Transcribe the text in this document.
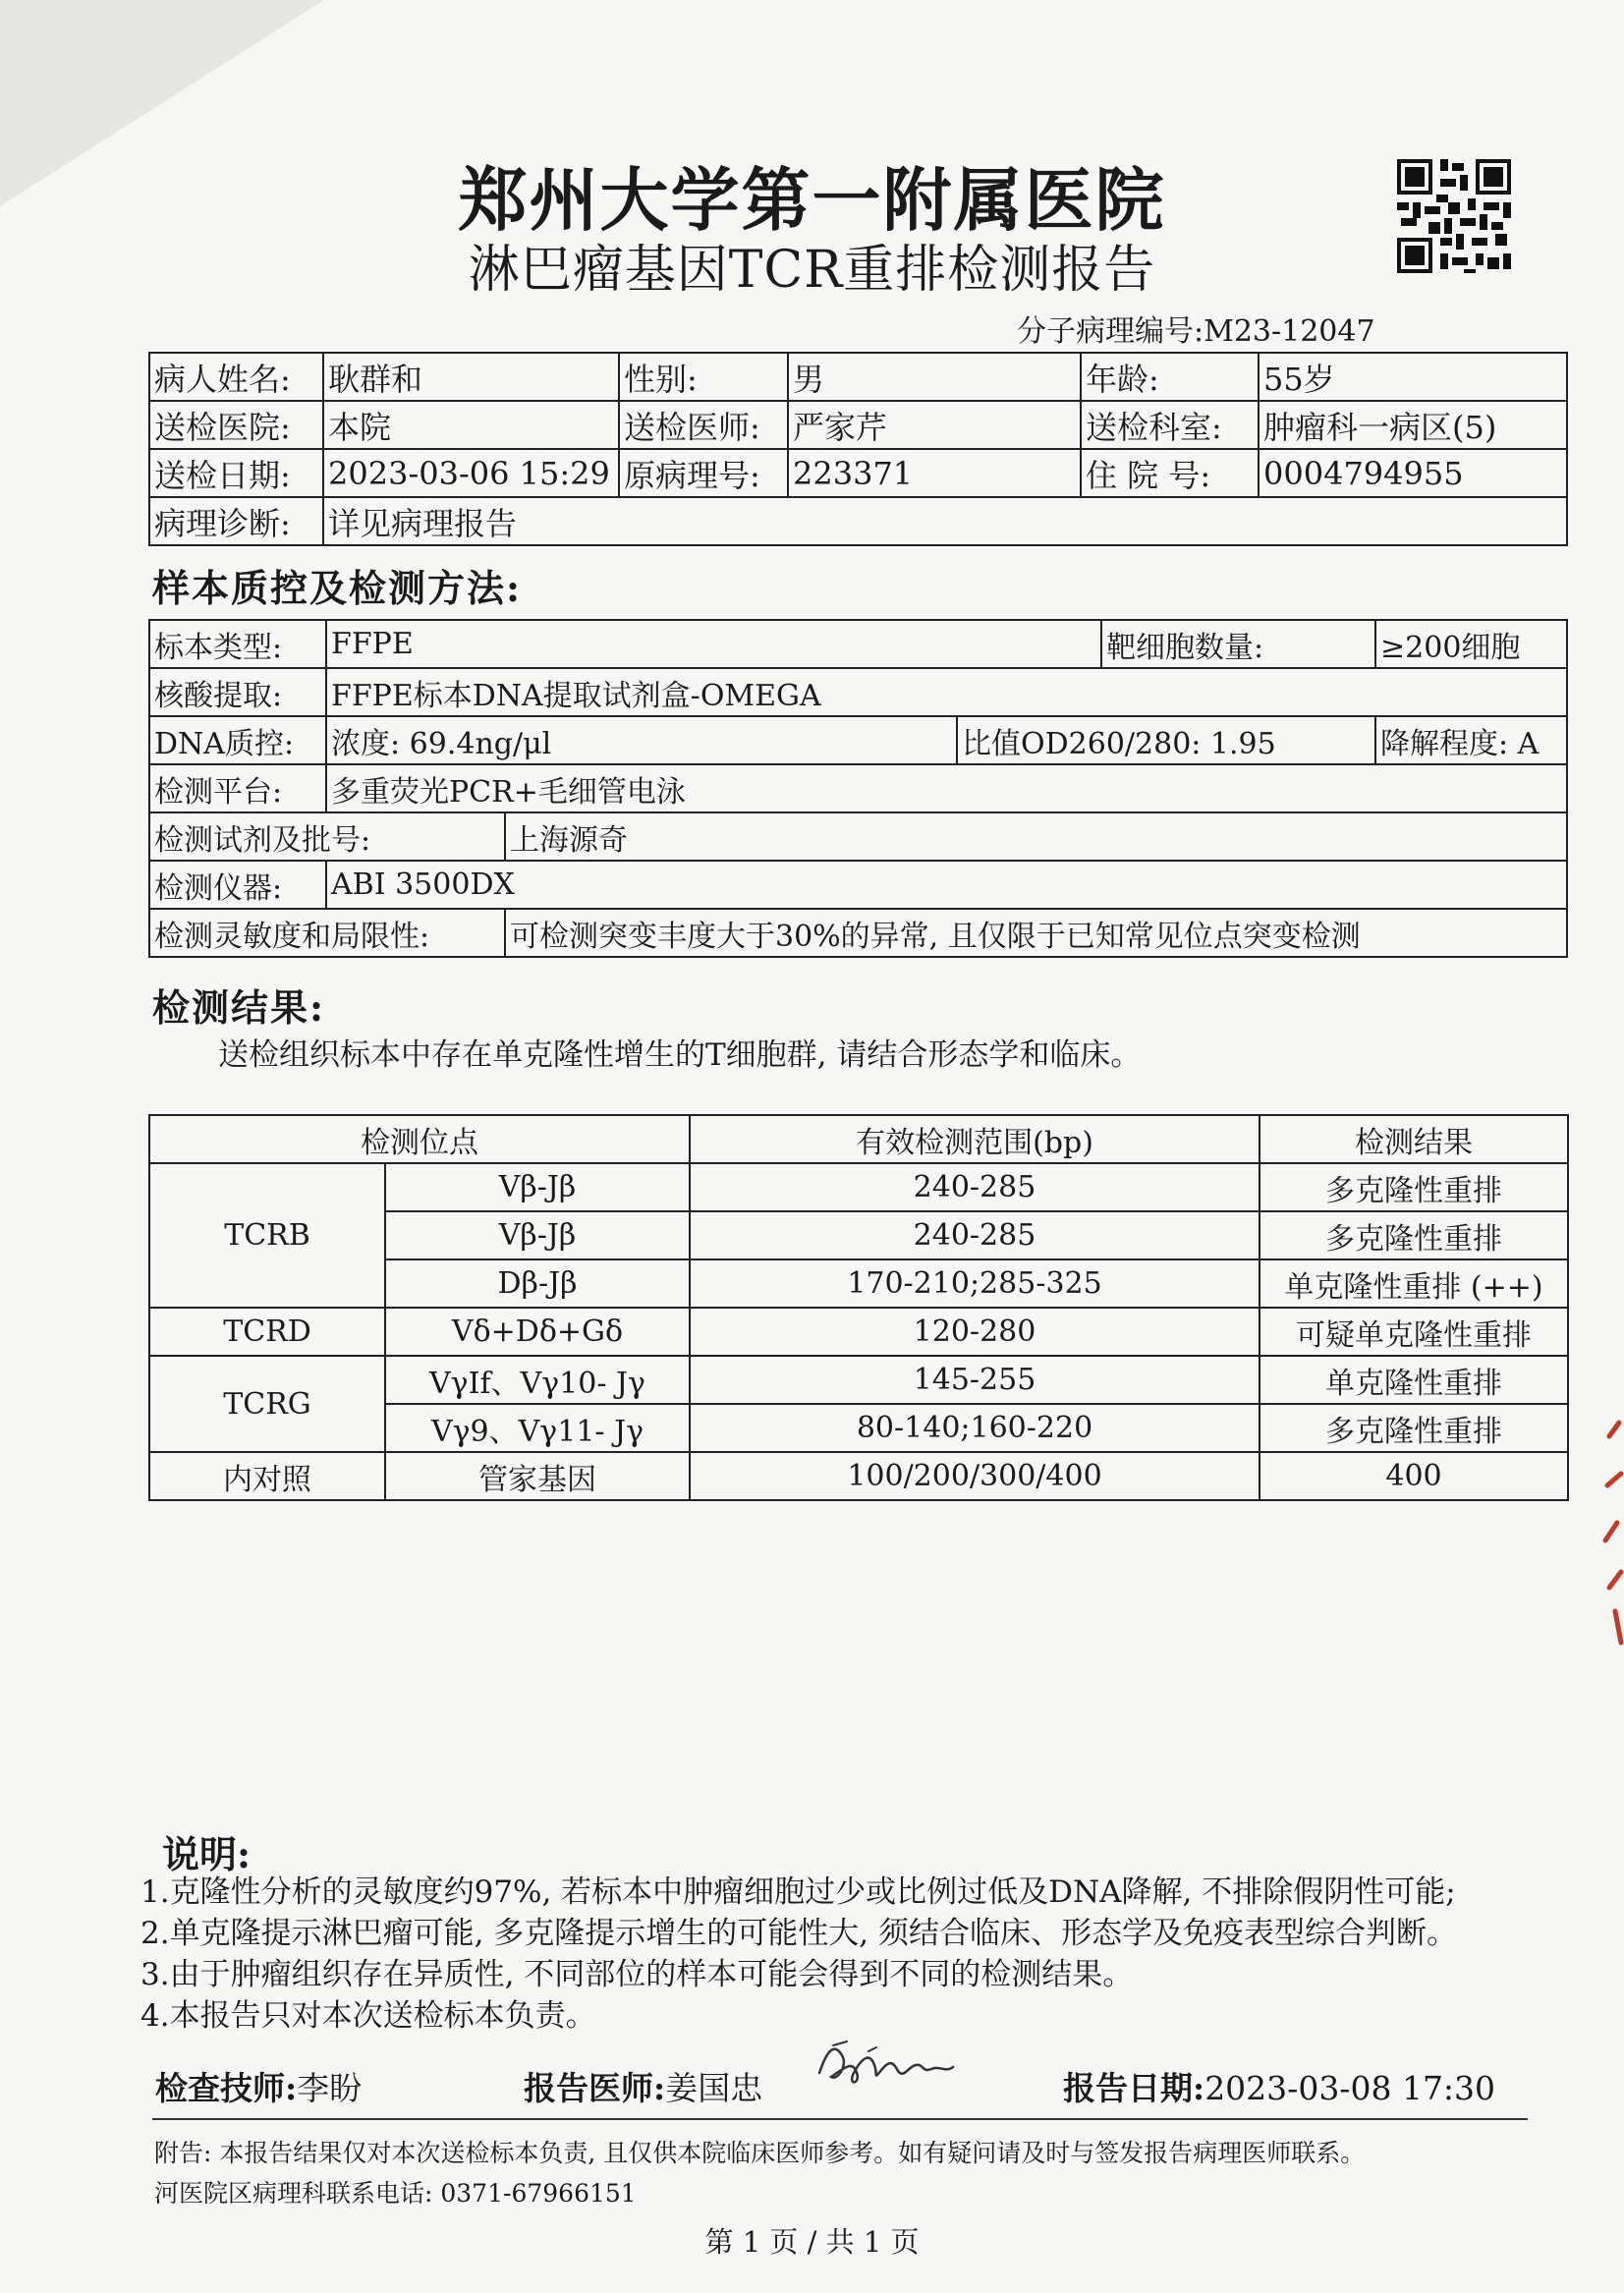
郑州大学第一附属医院
淋巴瘤基因TCR重排检测报告
分子病理编号:M23-12047
病人姓名:	耿群和	性别:	男	年龄:	55岁
送检医院:	本院	送检医师:	严家芹	送检科室:	肿瘤科一病区(5)
送检日期:	2023-03-06 15:29	原病理号:	223371	住 院 号:	0004794955
病理诊断:	详见病理报告				
样本质控及检测方法:
标本类型:	FFPE			靶细胞数量:	≥200细胞
核酸提取:	FFPE标本DNA提取试剂盒-OMEGA				
DNA质控:	浓度: 69.4ng/μl		比值OD260/280: 1.95		降解程度: A
检测平台:	多重荧光PCR+毛细管电泳				
检测试剂及批号:		上海源奇			
检测仪器:	ABI 3500DX				
检测灵敏度和局限性:		可检测突变丰度大于30%的异常, 且仅限于已知常见位点突变检测			
检测结果:
送检组织标本中存在单克隆性增生的T细胞群, 请结合形态学和临床。
检测位点		有效检测范围(bp)	检测结果
TCRB	Vβ-Jβ	240-285	多克隆性重排
	Vβ-Jβ	240-285	多克隆性重排
	Dβ-Jβ	170-210;285-325	单克隆性重排 (++)
TCRD	Vδ+Dδ+Gδ	120-280	可疑单克隆性重排
TCRG	VγIf、Vγ10- Jγ	145-255	单克隆性重排
	Vγ9、Vγ11- Jγ	80-140;160-220	多克隆性重排
内对照	管家基因	100/200/300/400	400
说明:
1.克隆性分析的灵敏度约97%, 若标本中肿瘤细胞过少或比例过低及DNA降解, 不排除假阴性可能;
2.单克隆提示淋巴瘤可能, 多克隆提示增生的可能性大, 须结合临床、形态学及免疫表型综合判断。
3.由于肿瘤组织存在异质性, 不同部位的样本可能会得到不同的检测结果。
4.本报告只对本次送检标本负责。
检查技师:李盼	报告医师:姜国忠	报告日期:2023-03-08 17:30
附告: 本报告结果仅对本次送检标本负责, 且仅供本院临床医师参考。如有疑问请及时与签发报告病理医师联系。
河医院区病理科联系电话: 0371-67966151
第 1 页 / 共 1 页
